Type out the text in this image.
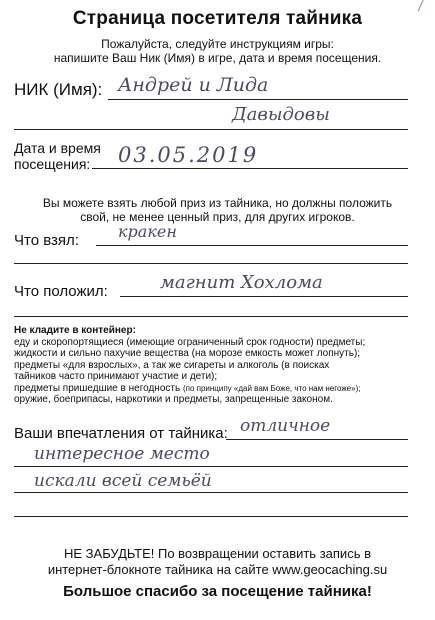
Страница посетителя тайника
Пожалуйста, следуйте инструкциям игры:
напишите Ваш Ник (Имя) в игре, дата и время посещения.
НИК (Имя): Андрей и Лида
Давыдовы
Дата и время
посещения: 03.05.2019
Вы можете взять любой приз из тайника, но должны положить
свой, не менее ценный приз, для других игроков.
Что взял: кракен
Что положил:	магнит Хохлома
Не кладите в контейнер:
еду и скоропортящиеся (имеющие ограниченный срок годности) предметы;
жидкости и сильно пахучие вещества (на морозе емкость может лопнуть);
предметы «для взрослых», а так же сигареты и алкоголь (в поисках
тайников часто принимают участие и дети);
предметы пришедшие в негодность (по принципу «дай вам Боже, что нам негоже»);
оружие, боеприпасы, наркотики и предметы, запрещенные законом.
Ваши впечатления от тайника: отличное
интересное место
искали всей семьёй
НЕ ЗАБУДЬТЕ! По возвращении оставить запись в
интернет-блокноте тайника на сайте www.geocaching.su
Большое спасибо за посещение тайника!
